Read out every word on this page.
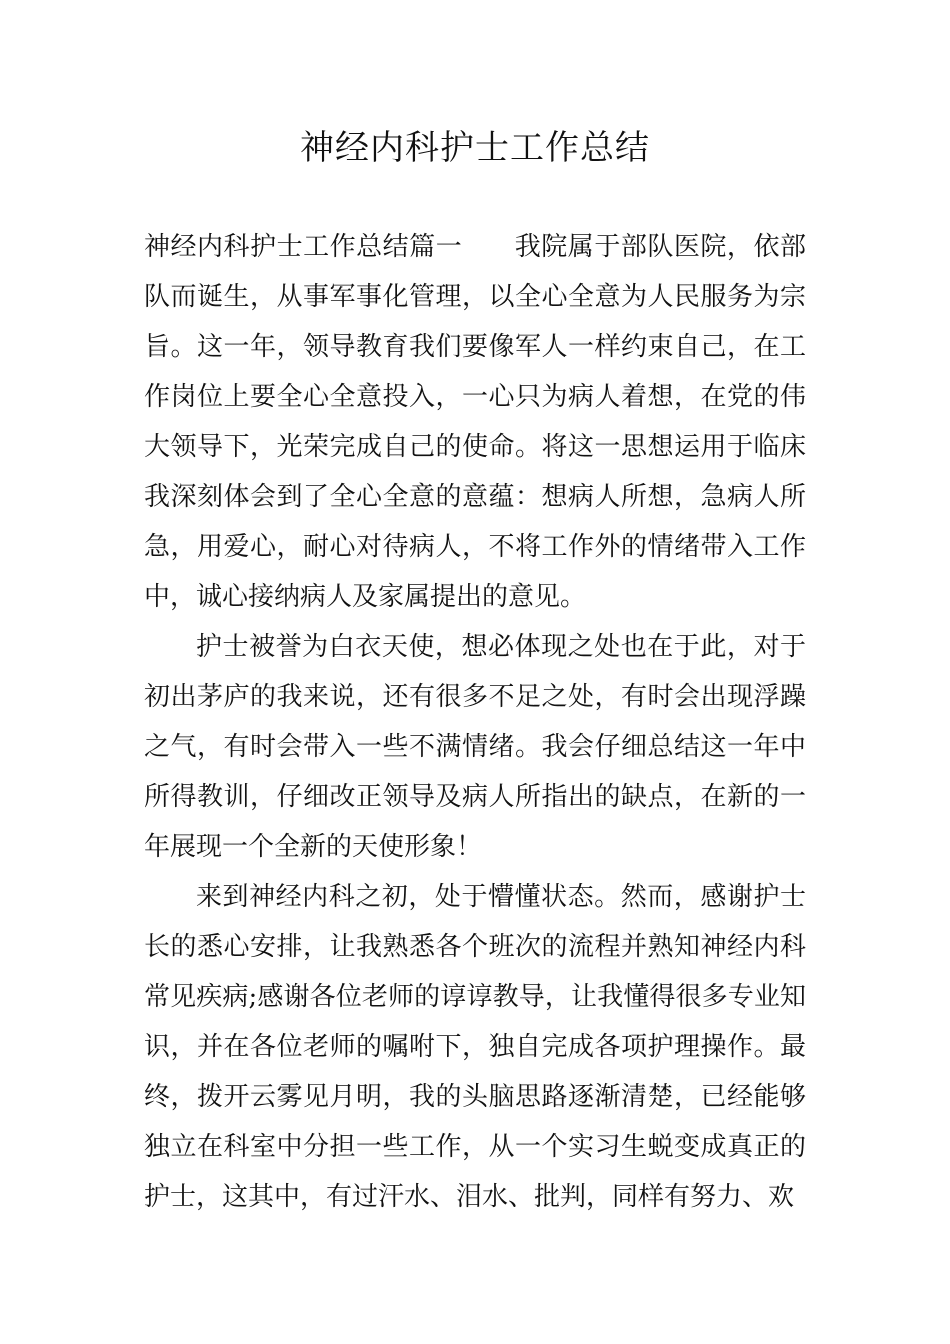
神经内科护士工作总结

神经内科护士工作总结篇一 我院属于部队医院，依部队而诞生，从事军事化管理，以全心全意为人民服务为宗旨。这一年，领导教育我们要像军人一样约束自己，在工作岗位上要全心全意投入，一心只为病人着想，在党的伟大领导下，光荣完成自己的使命。将这一思想运用于临床我深刻体会到了全心全意的意蕴：想病人所想，急病人所急，用爱心，耐心对待病人，不将工作外的情绪带入工作中，诚心接纳病人及家属提出的意见。

护士被誉为白衣天使，想必体现之处也在于此，对于初出茅庐的我来说，还有很多不足之处，有时会出现浮躁之气，有时会带入一些不满情绪。我会仔细总结这一年中所得教训，仔细改正领导及病人所指出的缺点，在新的一年展现一个全新的天使形象！

来到神经内科之初，处于懵懂状态。然而，感谢护士长的悉心安排，让我熟悉各个班次的流程并熟知神经内科常见疾病;感谢各位老师的谆谆教导，让我懂得很多专业知识，并在各位老师的嘱咐下，独自完成各项护理操作。最终，拨开云雾见月明，我的头脑思路逐渐清楚，已经能够独立在科室中分担一些工作，从一个实习生蜕变成真正的护士，这其中，有过汗水、泪水、批判，同样有努力、欢
